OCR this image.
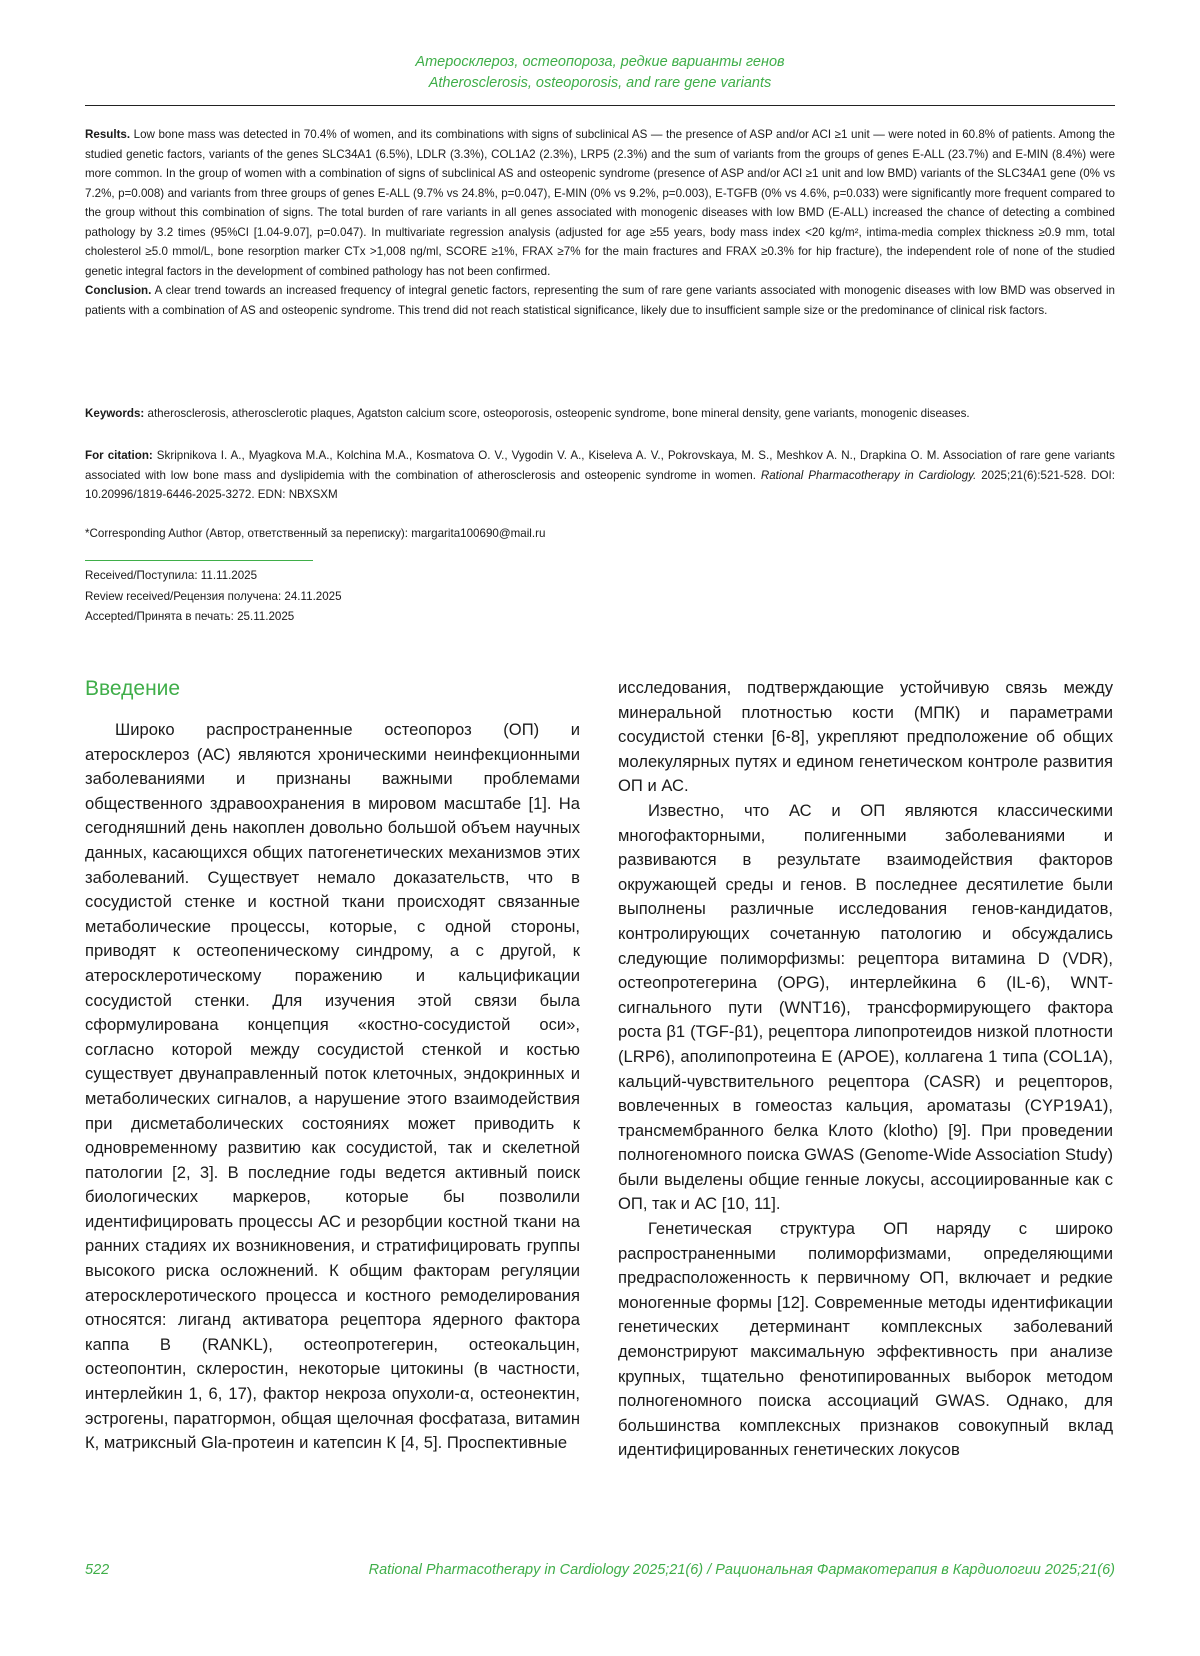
Атеросклероз, остеопороза, редкие варианты генов
Atherosclerosis, osteoporosis, and rare gene variants

Results. Low bone mass was detected in 70.4% of women, and its combinations with signs of subclinical AS — the presence of ASP and/or ACI ≥1 unit — were noted in 60.8% of patients. Among the studied genetic factors, variants of the genes SLC34A1 (6.5%), LDLR (3.3%), COL1A2 (2.3%), LRP5 (2.3%) and the sum of variants from the groups of genes E-ALL (23.7%) and E-MIN (8.4%) were more common. In the group of women with a combination of signs of subclinical AS and osteopenic syndrome (presence of ASP and/or ACI ≥1 unit and low BMD) variants of the SLC34A1 gene (0% vs 7.2%, p=0.008) and variants from three groups of genes E-ALL (9.7% vs 24.8%, p=0.047), E-MIN (0% vs 9.2%, p=0.003), E-TGFB (0% vs 4.6%, p=0.033) were significantly more frequent compared to the group without this combination of signs. The total burden of rare variants in all genes associated with monogenic diseases with low BMD (E-ALL) increased the chance of detecting a combined pathology by 3.2 times (95%CI [1.04-9.07], p=0.047). In multivariate regression analysis (adjusted for age ≥55 years, body mass index <20 kg/m², intima-media complex thickness ≥0.9 mm, total cholesterol ≥5.0 mmol/L, bone resorption marker CTx >1,008 ng/ml, SCORE ≥1%, FRAX ≥7% for the main fractures and FRAX ≥0.3% for hip fracture), the independent role of none of the studied genetic integral factors in the development of combined pathology has not been confirmed.

Conclusion. A clear trend towards an increased frequency of integral genetic factors, representing the sum of rare gene variants associated with monogenic diseases with low BMD was observed in patients with a combination of AS and osteopenic syndrome. This trend did not reach statistical significance, likely due to insufficient sample size or the predominance of clinical risk factors.

Keywords: atherosclerosis, atherosclerotic plaques, Agatston calcium score, osteoporosis, osteopenic syndrome, bone mineral density, gene variants, monogenic diseases.

For citation: Skripnikova I. A., Myagkova M.A., Kolchina M.A., Kosmatova O. V., Vygodin V. A., Kiseleva A. V., Pokrovskaya, M. S., Meshkov A. N., Drapkina O. M. Association of rare gene variants associated with low bone mass and dyslipidemia with the combination of atherosclerosis and osteopenic syndrome in women. Rational Pharmacotherapy in Cardiology. 2025;21(6):521-528. DOI: 10.20996/1819-6446-2025-3272. EDN: NBXSXM

*Corresponding Author (Автор, ответственный за переписку): margarita100690@mail.ru

Received/Поступила: 11.11.2025
Review received/Рецензия получена: 24.11.2025
Accepted/Принята в печать: 25.11.2025
Введение

Широко распространенные остеопороз (ОП) и атеросклероз (АС) являются хроническими неинфекционными заболеваниями и признаны важными проблемами общественного здравоохранения в мировом масштабе [1]. На сегодняшний день накоплен довольно большой объем научных данных, касающихся общих патогенетических механизмов этих заболеваний. Существует немало доказательств, что в сосудистой стенке и костной ткани происходят связанные метаболические процессы, которые, с одной стороны, приводят к остеопеническому синдрому, а с другой, к атеросклеротическому поражению и кальцификации сосудистой стенки. Для изучения этой связи была сформулирована концепция «костно-сосудистой оси», согласно которой между сосудистой стенкой и костью существует двунаправленный поток клеточных, эндокринных и метаболических сигналов, а нарушение этого взаимодействия при дисметаболических состояниях может приводить к одновременному развитию как сосудистой, так и скелетной патологии [2, 3]. В последние годы ведется активный поиск биологических маркеров, которые бы позволили идентифицировать процессы АС и резорбции костной ткани на ранних стадиях их возникновения, и стратифицировать группы высокого риска осложнений. К общим факторам регуляции атеросклеротического процесса и костного ремоделирования относятся: лиганд активатора рецептора ядерного фактора каппа В (RANKL), остеопротегерин, остеокальцин, остеопонтин, склеростин, некоторые цитокины (в частности, интерлейкин 1, 6, 17), фактор некроза опухоли-α, остеонектин, эстрогены, паратгормон, общая щелочная фосфатаза, витамин К, матриксный Gla-протеин и катепсин К [4, 5]. Проспективные

исследования, подтверждающие устойчивую связь между минеральной плотностью кости (МПК) и параметрами сосудистой стенки [6-8], укрепляют предположение об общих молекулярных путях и едином генетическом контроле развития ОП и АС.

Известно, что АС и ОП являются классическими многофакторными, полигенными заболеваниями и развиваются в результате взаимодействия факторов окружающей среды и генов. В последнее десятилетие были выполнены различные исследования генов-кандидатов, контролирующих сочетанную патологию и обсуждались следующие полиморфизмы: рецептора витамина D (VDR), остеопротегерина (OPG), интерлейкина 6 (IL-6), WNT-сигнального пути (WNT16), трансформирующего фактора роста β1 (TGF-β1), рецептора липопротеидов низкой плотности (LRP6), аполипопротеина Е (APOE), коллагена 1 типа (COL1A), кальций-чувствительного рецептора (CASR) и рецепторов, вовлеченных в гомеостаз кальция, ароматазы (CYP19A1), трансмембранного белка Клото (klotho) [9]. При проведении полногеномного поиска GWAS (Genome-Wide Association Study) были выделены общие генные локусы, ассоциированные как с ОП, так и АС [10, 11].

Генетическая структура ОП наряду с широко распространенными полиморфизмами, определяющими предрасположенность к первичному ОП, включает и редкие моногенные формы [12]. Современные методы идентификации генетических детерминант комплексных заболеваний демонстрируют максимальную эффективность при анализе крупных, тщательно фенотипированных выборок методом полногеномного поиска ассоциаций GWAS. Однако, для большинства комплексных признаков совокупный вклад идентифицированных генетических локусов

522	Rational Pharmacotherapy in Cardiology 2025;21(6) / Рациональная Фармакотерапия в Кардиологии 2025;21(6)
